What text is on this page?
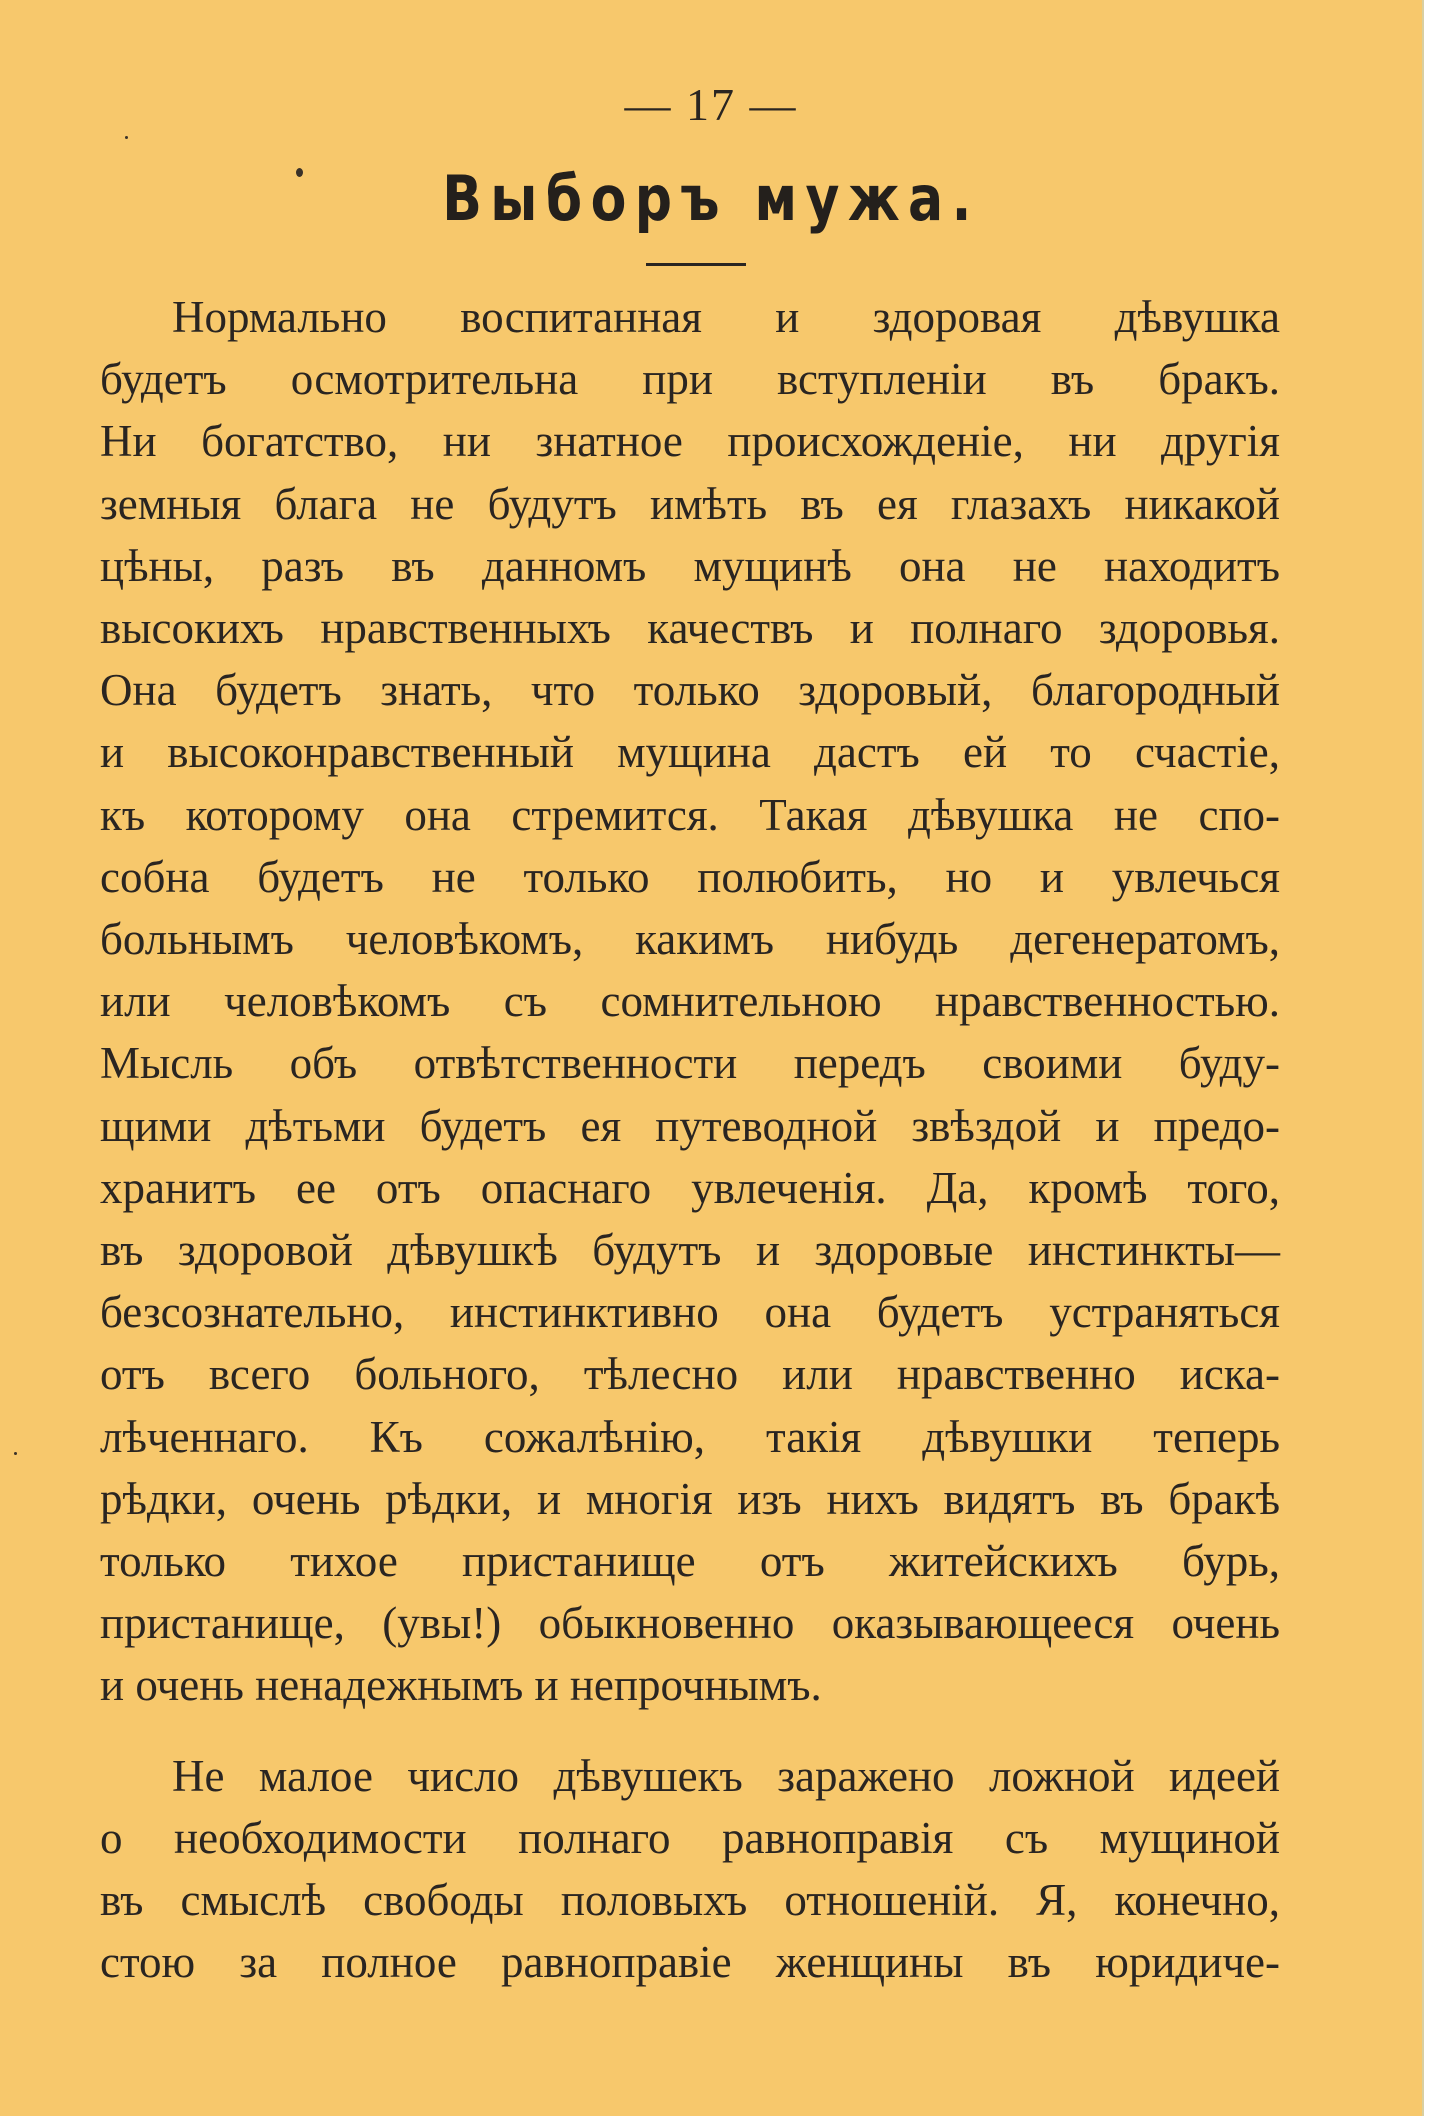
— 17 —
Выборъ мужа.

Нормально воспитанная и здоровая дѣвушка
будетъ осмотрительна при вступленіи въ бракъ.
Ни богатство, ни знатное происхожденіе, ни другія
земныя блага не будутъ имѣть въ ея глазахъ никакой
цѣны, разъ въ данномъ мущинѣ она не находитъ
высокихъ нравственныхъ качествъ и полнаго здоровья.
Она будетъ знать, что только здоровый, благородный
и высоконравственный мущина дастъ ей то счастіе,
къ которому она стремится. Такая дѣвушка не спо-
собна будетъ не только полюбить, но и увлечься
больнымъ человѣкомъ, какимъ нибудь дегенератомъ,
или человѣкомъ съ сомнительною нравственностью.
Мысль объ отвѣтственности передъ своими буду-
щими дѣтьми будетъ ея путеводной звѣздой и предо-
хранитъ ее отъ опаснаго увлеченія. Да, кромѣ того,
въ здоровой дѣвушкѣ будутъ и здоровые инстинкты—
безсознательно, инстинктивно она будетъ устраняться
отъ всего больного, тѣлесно или нравственно иска-
лѣченнаго. Къ сожалѣнію, такія дѣвушки теперь
рѣдки, очень рѣдки, и многія изъ нихъ видятъ въ бракѣ
только тихое пристанище отъ житейскихъ бурь,
пристанище, (увы!) обыкновенно оказывающееся очень
и очень ненадежнымъ и непрочнымъ.

Не малое число дѣвушекъ заражено ложной идеей
о необходимости полнаго равноправія съ мущиной
въ смыслѣ свободы половыхъ отношеній. Я, конечно,
стою за полное равноправіе женщины въ юридиче-
